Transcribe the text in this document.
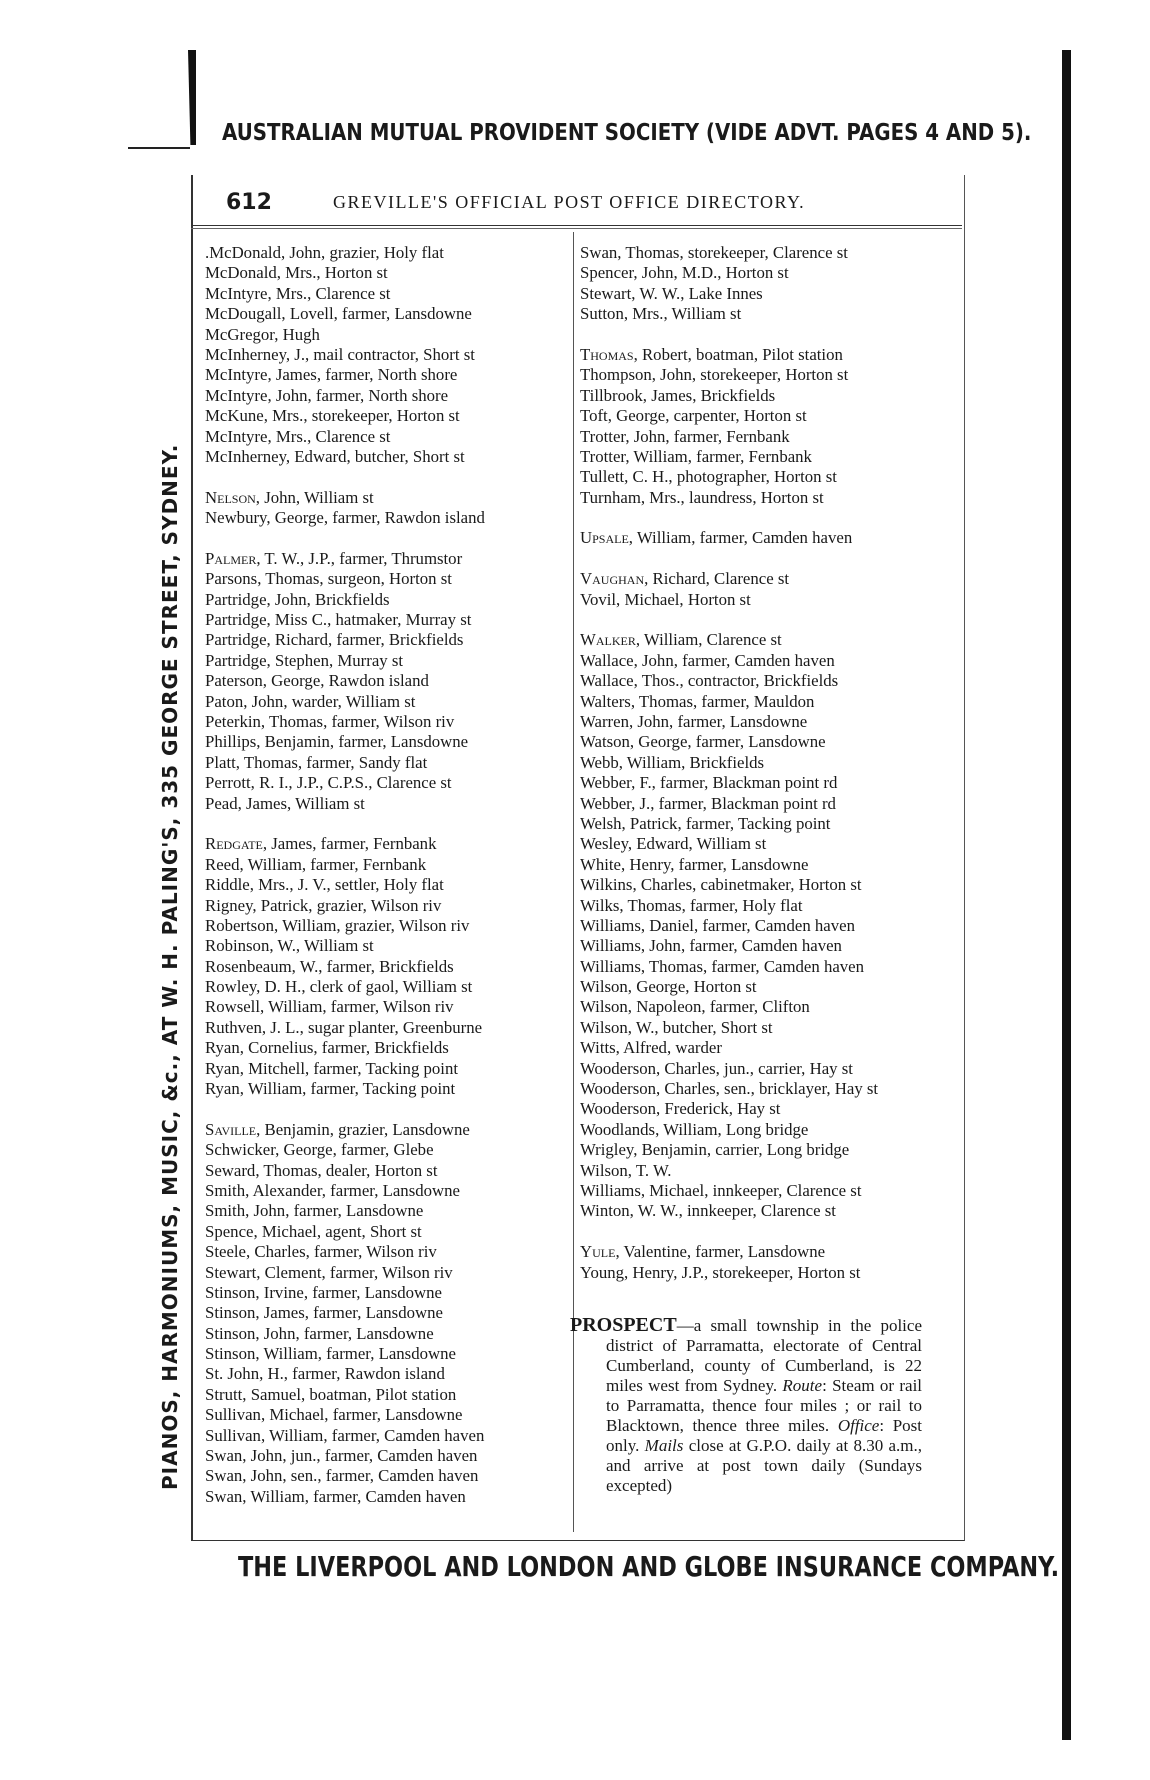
AUSTRALIAN MUTUAL PROVIDENT SOCIETY (VIDE ADVT. PAGES 4 AND 5).
PIANOS, HARMONIUMS, MUSIC, &c., AT W. H. PALING'S, 335 GEORGE STREET, SYDNEY.
612	GREVILLE'S OFFICIAL POST OFFICE DIRECTORY.
.McDonald, John, grazier, Holy flat
McDonald, Mrs., Horton st
McIntyre, Mrs., Clarence st
McDougall, Lovell, farmer, Lansdowne
McGregor, Hugh
McInherney, J., mail contractor, Short st
McIntyre, James, farmer, North shore
McIntyre, John, farmer, North shore
McKune, Mrs., storekeeper, Horton st
McIntyre, Mrs., Clarence st
McInherney, Edward, butcher, Short st
Nelson, John, William st
Newbury, George, farmer, Rawdon island
Palmer, T. W., J.P., farmer, Thrumstor
Parsons, Thomas, surgeon, Horton st
Partridge, John, Brickfields
Partridge, Miss C., hatmaker, Murray st
Partridge, Richard, farmer, Brickfields
Partridge, Stephen, Murray st
Paterson, George, Rawdon island
Paton, John, warder, William st
Peterkin, Thomas, farmer, Wilson riv
Phillips, Benjamin, farmer, Lansdowne
Platt, Thomas, farmer, Sandy flat
Perrott, R. I., J.P., C.P.S., Clarence st
Pead, James, William st
Redgate, James, farmer, Fernbank
Reed, William, farmer, Fernbank
Riddle, Mrs., J. V., settler, Holy flat
Rigney, Patrick, grazier, Wilson riv
Robertson, William, grazier, Wilson riv
Robinson, W., William st
Rosenbeaum, W., farmer, Brickfields
Rowley, D. H., clerk of gaol, William st
Rowsell, William, farmer, Wilson riv
Ruthven, J. L., sugar planter, Greenburne
Ryan, Cornelius, farmer, Brickfields
Ryan, Mitchell, farmer, Tacking point
Ryan, William, farmer, Tacking point
Saville, Benjamin, grazier, Lansdowne
Schwicker, George, farmer, Glebe
Seward, Thomas, dealer, Horton st
Smith, Alexander, farmer, Lansdowne
Smith, John, farmer, Lansdowne
Spence, Michael, agent, Short st
Steele, Charles, farmer, Wilson riv
Stewart, Clement, farmer, Wilson riv
Stinson, Irvine, farmer, Lansdowne
Stinson, James, farmer, Lansdowne
Stinson, John, farmer, Lansdowne
Stinson, William, farmer, Lansdowne
St. John, H., farmer, Rawdon island
Strutt, Samuel, boatman, Pilot station
Sullivan, Michael, farmer, Lansdowne
Sullivan, William, farmer, Camden haven
Swan, John, jun., farmer, Camden haven
Swan, John, sen., farmer, Camden haven
Swan, William, farmer, Camden haven
Swan, Thomas, storekeeper, Clarence st
Spencer, John, M.D., Horton st
Stewart, W. W., Lake Innes
Sutton, Mrs., William st
Thomas, Robert, boatman, Pilot station
Thompson, John, storekeeper, Horton st
Tillbrook, James, Brickfields
Toft, George, carpenter, Horton st
Trotter, John, farmer, Fernbank
Trotter, William, farmer, Fernbank
Tullett, C. H., photographer, Horton st
Turnham, Mrs., laundress, Horton st
Upsale, William, farmer, Camden haven
Vaughan, Richard, Clarence st
Vovil, Michael, Horton st
Walker, William, Clarence st
Wallace, John, farmer, Camden haven
Wallace, Thos., contractor, Brickfields
Walters, Thomas, farmer, Mauldon
Warren, John, farmer, Lansdowne
Watson, George, farmer, Lansdowne
Webb, William, Brickfields
Webber, F., farmer, Blackman point rd
Webber, J., farmer, Blackman point rd
Welsh, Patrick, farmer, Tacking point
Wesley, Edward, William st
White, Henry, farmer, Lansdowne
Wilkins, Charles, cabinetmaker, Horton st
Wilks, Thomas, farmer, Holy flat
Williams, Daniel, farmer, Camden haven
Williams, John, farmer, Camden haven
Williams, Thomas, farmer, Camden haven
Wilson, George, Horton st
Wilson, Napoleon, farmer, Clifton
Wilson, W., butcher, Short st
Witts, Alfred, warder
Wooderson, Charles, jun., carrier, Hay st
Wooderson, Charles, sen., bricklayer, Hay st
Wooderson, Frederick, Hay st
Woodlands, William, Long bridge
Wrigley, Benjamin, carrier, Long bridge
Wilson, T. W.
Williams, Michael, innkeeper, Clarence st
Winton, W. W., innkeeper, Clarence st
Yule, Valentine, farmer, Lansdowne
Young, Henry, J.P., storekeeper, Horton st
PROSPECT—a small township in the police district of Parramatta, electorate of Central Cumberland, county of Cumberland, is 22 miles west from Sydney. Route: Steam or rail to Parramatta, thence four miles ; or rail to Blacktown, thence three miles. Office: Post only. Mails close at G.P.O. daily at 8.30 a.m., and arrive at post town daily (Sundays excepted)
THE LIVERPOOL AND LONDON AND GLOBE INSURANCE COMPANY.
